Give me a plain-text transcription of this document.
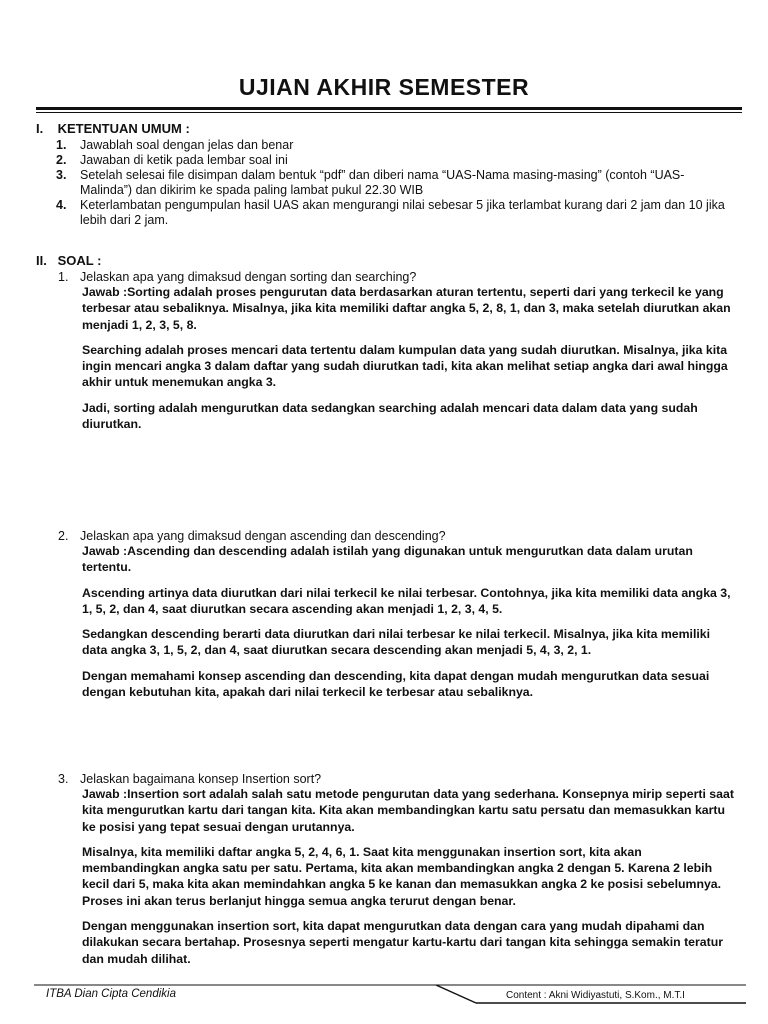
UJIAN AKHIR SEMESTER
I. KETENTUAN UMUM :
1.	Jawablah soal dengan jelas dan benar
2.	Jawaban di ketik pada lembar soal ini
3.	Setelah selesai file disimpan dalam bentuk “pdf” dan diberi nama “UAS-Nama masing-masing” (contoh “UAS-Malinda”) dan dikirim ke spada paling lambat pukul 22.30 WIB
4.	Keterlambatan pengumpulan hasil UAS akan mengurangi nilai sebesar 5 jika terlambat kurang dari 2 jam dan 10 jika lebih dari 2 jam.
II. SOAL :
1. Jelaskan apa yang dimaksud dengan sorting dan searching?

Jawab :Sorting adalah proses pengurutan data berdasarkan aturan tertentu, seperti dari yang terkecil ke yang terbesar atau sebaliknya. Misalnya, jika kita memiliki daftar angka 5, 2, 8, 1, dan 3, maka setelah diurutkan akan menjadi 1, 2, 3, 5, 8.

Searching adalah proses mencari data tertentu dalam kumpulan data yang sudah diurutkan. Misalnya, jika kita ingin mencari angka 3 dalam daftar yang sudah diurutkan tadi, kita akan melihat setiap angka dari awal hingga akhir untuk menemukan angka 3.

Jadi, sorting adalah mengurutkan data sedangkan searching adalah mencari data dalam data yang sudah diurutkan.

2. Jelaskan apa yang dimaksud dengan ascending dan descending?

Jawab :Ascending dan descending adalah istilah yang digunakan untuk mengurutkan data dalam urutan tertentu.

Ascending artinya data diurutkan dari nilai terkecil ke nilai terbesar. Contohnya, jika kita memiliki data angka 3, 1, 5, 2, dan 4, saat diurutkan secara ascending akan menjadi 1, 2, 3, 4, 5.

Sedangkan descending berarti data diurutkan dari nilai terbesar ke nilai terkecil. Misalnya, jika kita memiliki data angka 3, 1, 5, 2, dan 4, saat diurutkan secara descending akan menjadi 5, 4, 3, 2, 1.

Dengan memahami konsep ascending dan descending, kita dapat dengan mudah mengurutkan data sesuai dengan kebutuhan kita, apakah dari nilai terkecil ke terbesar atau sebaliknya.

3. Jelaskan bagaimana konsep Insertion sort?

Jawab :Insertion sort adalah salah satu metode pengurutan data yang sederhana. Konsepnya mirip seperti saat kita mengurutkan kartu dari tangan kita. Kita akan membandingkan kartu satu persatu dan memasukkan kartu ke posisi yang tepat sesuai dengan urutannya.

Misalnya, kita memiliki daftar angka 5, 2, 4, 6, 1. Saat kita menggunakan insertion sort, kita akan membandingkan angka satu per satu. Pertama, kita akan membandingkan angka 2 dengan 5. Karena 2 lebih kecil dari 5, maka kita akan memindahkan angka 5 ke kanan dan memasukkan angka 2 ke posisi sebelumnya. Proses ini akan terus berlanjut hingga semua angka terurut dengan benar.

Dengan menggunakan insertion sort, kita dapat mengurutkan data dengan cara yang mudah dipahami dan dilakukan secara bertahap. Prosesnya seperti mengatur kartu-kartu dari tangan kita sehingga semakin teratur dan mudah dilihat.

ITBA Dian Cipta Cendikia	Content : Akni Widiyastuti, S.Kom., M.T.I
